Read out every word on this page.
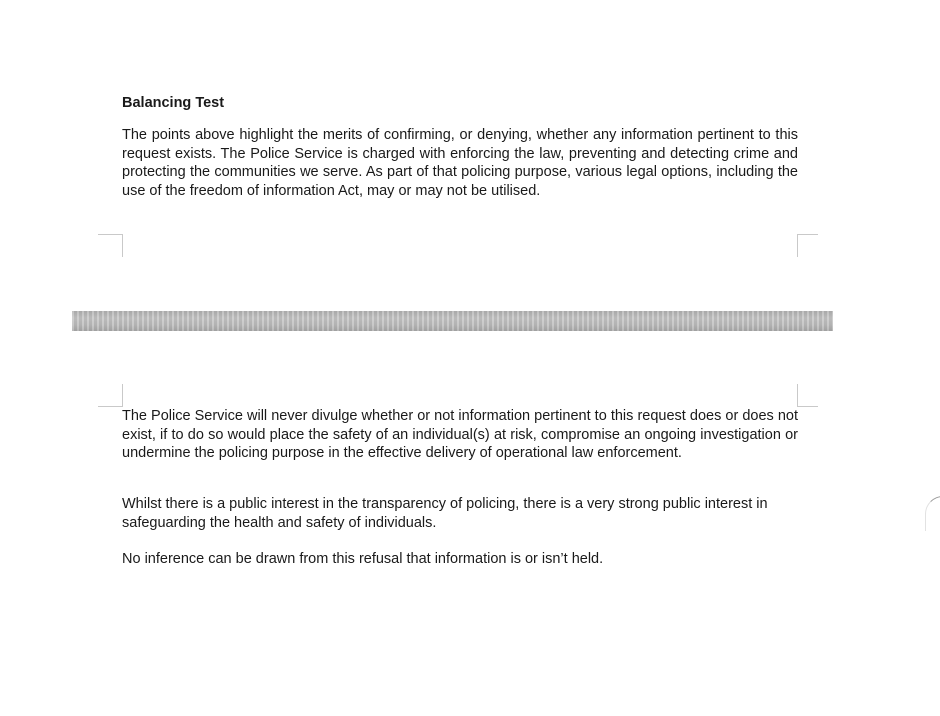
Balancing Test

The points above highlight the merits of confirming, or denying, whether any information pertinent to this request exists. The Police Service is charged with enforcing the law, preventing and detecting crime and protecting the communities we serve. As part of that policing purpose, various legal options, including the use of the freedom of information Act, may or may not be utilised.

The Police Service will never divulge whether or not information pertinent to this request does or does not exist, if to do so would place the safety of an individual(s) at risk, compromise an ongoing investigation or undermine the policing purpose in the effective delivery of operational law enforcement.

Whilst there is a public interest in the transparency of policing, there is a very strong public interest in safeguarding the health and safety of individuals.

No inference can be drawn from this refusal that information is or isn’t held.
